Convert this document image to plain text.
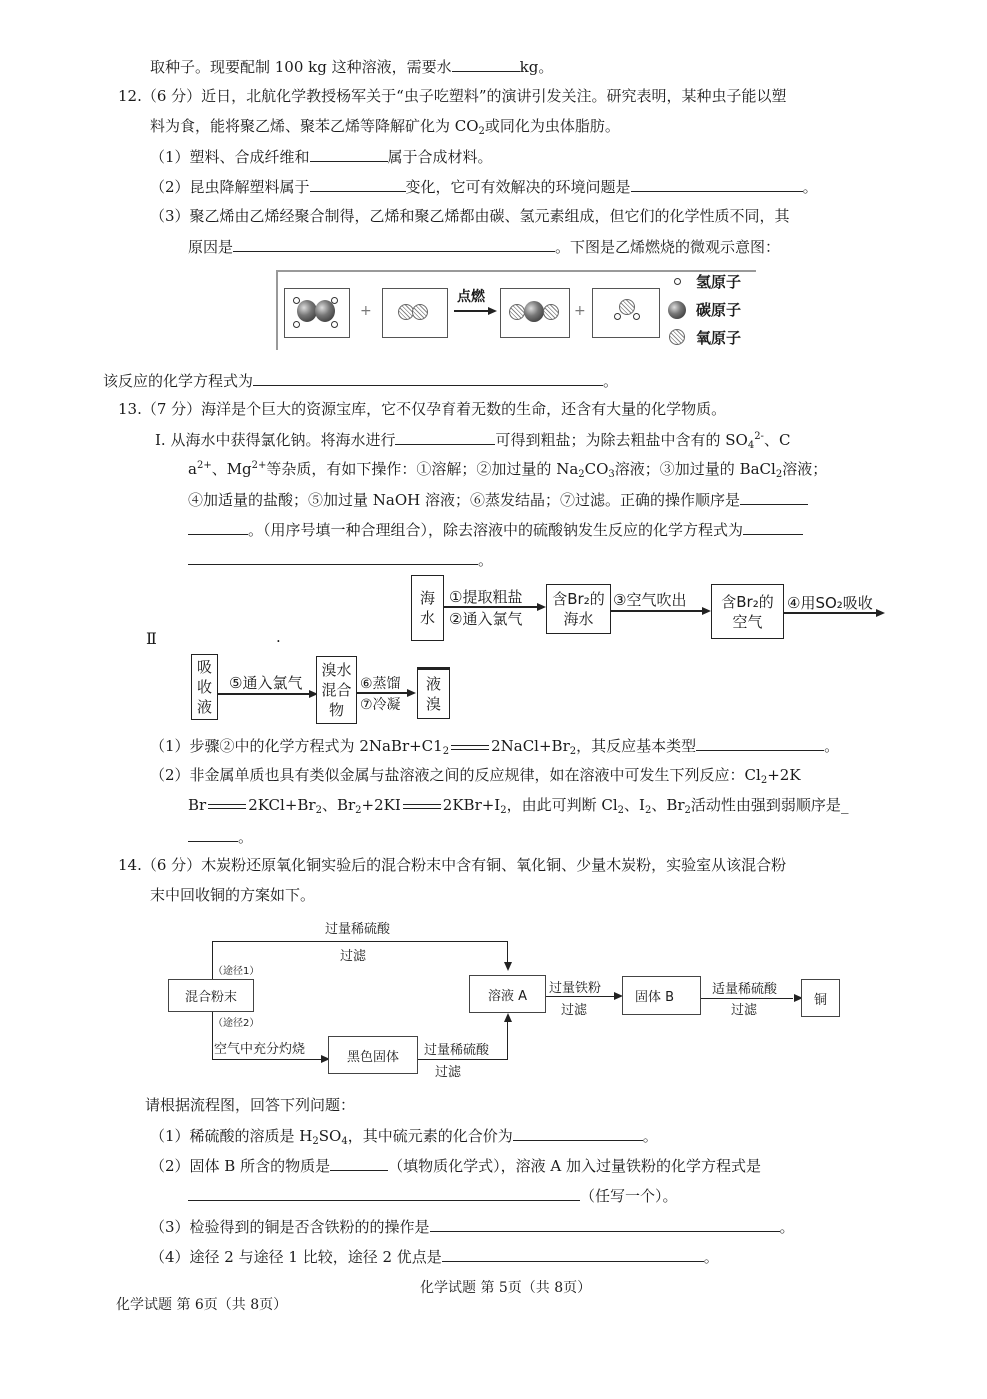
取种子。现要配制 100 kg 这种溶液，需要水	kg。
12.（6 分）近日，北航化学教授杨军关于“虫子吃塑料”的演讲引发关注。研究表明，某种虫子能以塑
料为食，能将聚乙烯、聚苯乙烯等降解矿化为 $CO_2$或同化为虫体脂肪。
（1）塑料、合成纤维和	属于合成材料。
（2）昆虫降解塑料属于	变化，它可有效解决的环境问题是	。
（3）聚乙烯由乙烯经聚合制得，乙烯和聚乙烯都由碳、氢元素组成，但它们的化学性质不同，其
原因是	。下图是乙烯燃烧的微观示意图：
+
点燃
+
氢原子
碳原子
氧原子
该反应的化学方程式为	。
13.（7 分）海洋是个巨大的资源宝库，它不仅孕育着无数的生命，还含有大量的化学物质。
Ⅰ. 从海水中获得氯化钠。将海水进行	可得到粗盐；为除去粗盐中含有的 $SO_4^{2-}$、C
$a^{2+}$、$Mg^{2+}$等杂质，有如下操作：①溶解；②加过量的 $Na_2CO_3$溶液；③加过量的 BaCl$_2$溶液；
④加适量的盐酸；⑤加过量 NaOH 溶液；⑥蒸发结晶；⑦过滤。正确的操作顺序是
。（用序号填一种合理组合），除去溶液中的硫酸钠发生反应的化学方程式为
。
Ⅱ	.
海
水
①提取粗盐
②通入氯气
含Br₂的
海水
③空气吹出 含Br₂的
空气
④用SO₂吸收
吸
收
液
⑤通入氯气
溴水
混合
物
⑥蒸馏
⑦冷凝
液
溴
（1）步骤②中的化学方程式为 $2NaBr+C1_2$	$2NaCl+Br_2$，其反应基本类型	。
（2）非金属单质也具有类似金属与盐溶液之间的反应规律，如在溶液中可发生下列反应：$Cl_2+2K$
Br	$2KCl+Br_2$、$Br_2+2KI$	$2KBr+I_2$，由此可判断 $Cl_2$、$I_2$、$Br_2$活动性由强到弱顺序是_
。
14.（6 分）木炭粉还原氧化铜实验后的混合粉末中含有铜、氧化铜、少量木炭粉，实验室从该混合粉
末中回收铜的方案如下。
过量稀硫酸
过滤
（途径1）
混合粉末
（途径2）
空气中充分灼烧	黑色固体 过量稀硫酸
过滤
溶液 A 过量铁粉
过滤
固体 B
适量稀硫酸
过滤
铜
请根据流程图，回答下列问题：
（1）稀硫酸的溶质是 $H_2SO_4$，其中硫元素的化合价为	。
（2）固体 B 所含的物质是	（填物质化学式），溶液 A 加入过量铁粉的化学方程式是
（任写一个）。
（3）检验得到的铜是否含铁粉的的操作是	。
（4）途径 2 与途径 1 比较，途径 2 优点是	。
化学试题 第 5页（共 8页）
化学试题 第 6页（共 8页）
